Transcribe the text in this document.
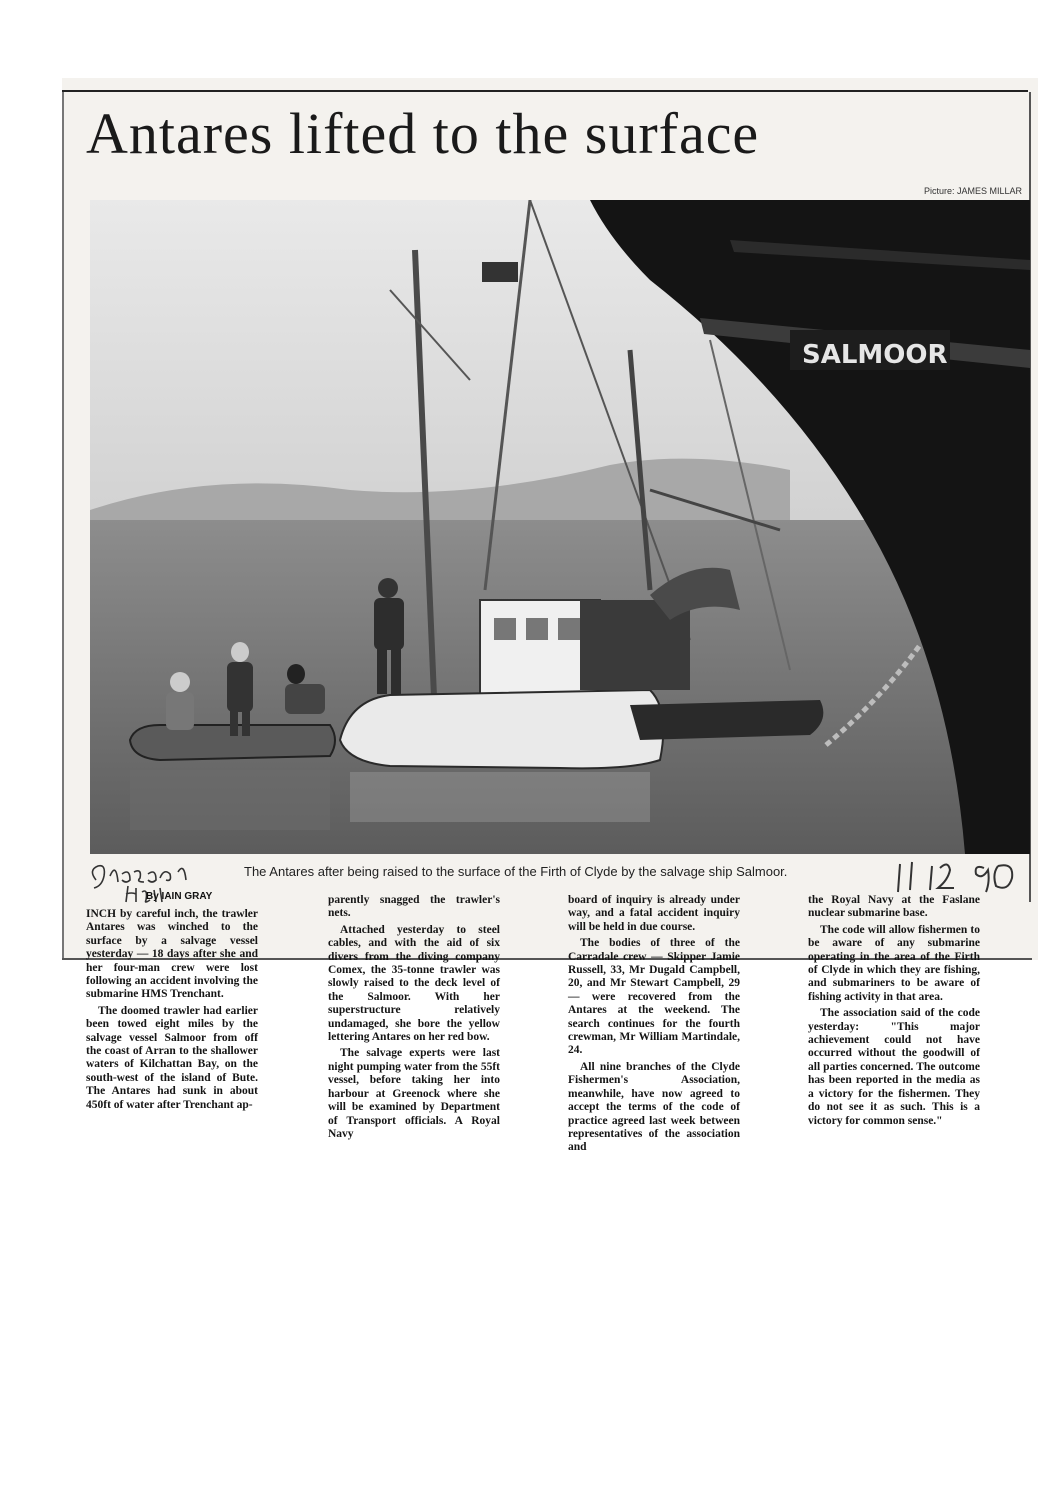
Antares lifted to the surface
Picture: JAMES MILLAR
SALMOOR
The Antares after being raised to the surface of the Firth of Clyde by the salvage ship Salmoor.
By IAIN GRAY

INCH by careful inch, the trawler Antares was winched to the surface by a salvage vessel yesterday — 18 days after she and her four-man crew were lost following an accident involving the submarine HMS Trenchant.

The doomed trawler had earlier been towed eight miles by the salvage vessel Salmoor from off the coast of Arran to the shallower waters of Kilchattan Bay, on the south-west of the island of Bute. The Antares had sunk in about 450ft of water after Trenchant ap-

parently snagged the trawler's nets.

Attached yesterday to steel cables, and with the aid of six divers from the diving company Comex, the 35-tonne trawler was slowly raised to the deck level of the Salmoor. With her superstructure relatively undamaged, she bore the yellow lettering Antares on her red bow.

The salvage experts were last night pumping water from the 55ft vessel, before taking her into harbour at Greenock where she will be examined by Department of Transport officials. A Royal Navy

board of inquiry is already under way, and a fatal accident inquiry will be held in due course.

The bodies of three of the Carradale crew — Skipper Jamie Russell, 33, Mr Dugald Campbell, 20, and Mr Stewart Campbell, 29 — were recovered from the Antares at the weekend. The search continues for the fourth crewman, Mr William Martindale, 24.

All nine branches of the Clyde Fishermen's Association, meanwhile, have now agreed to accept the terms of the code of practice agreed last week between representatives of the association and

the Royal Navy at the Faslane nuclear submarine base.

The code will allow fishermen to be aware of any submarine operating in the area of the Firth of Clyde in which they are fishing, and submariners to be aware of fishing activity in that area.

The association said of the code yesterday: "This major achievement could not have occurred without the goodwill of all parties concerned. The outcome has been reported in the media as a victory for the fishermen. They do not see it as such. This is a victory for common sense."
